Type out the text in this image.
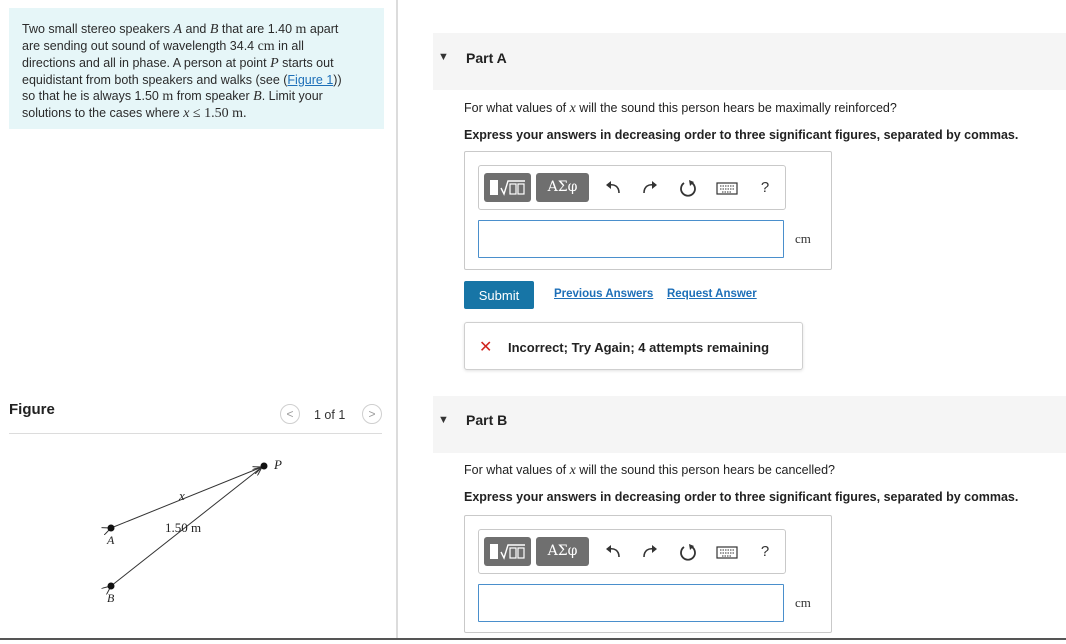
Two small stereo speakers A and B that are 1.40 m apart
are sending out sound of wavelength 34.4 cm in all
directions and all in phase. A person at point P starts out
equidistant from both speakers and walks (see (Figure 1))
so that he is always 1.50 m from speaker B. Limit your
solutions to the cases where x ≤ 1.50 m.
Figure	<	1 of 1	>
P
A
B
x
1.50 m
▼ Part A
For what values of x will the sound this person hears be maximally reinforced?
Express your answers in decreasing order to three significant figures, separated by commas.
ΑΣφ	?
cm
Submit	Previous Answers Request Answer
✕ Incorrect; Try Again; 4 attempts remaining
▼ Part B
For what values of x will the sound this person hears be cancelled?
Express your answers in decreasing order to three significant figures, separated by commas.
ΑΣφ	?
cm
